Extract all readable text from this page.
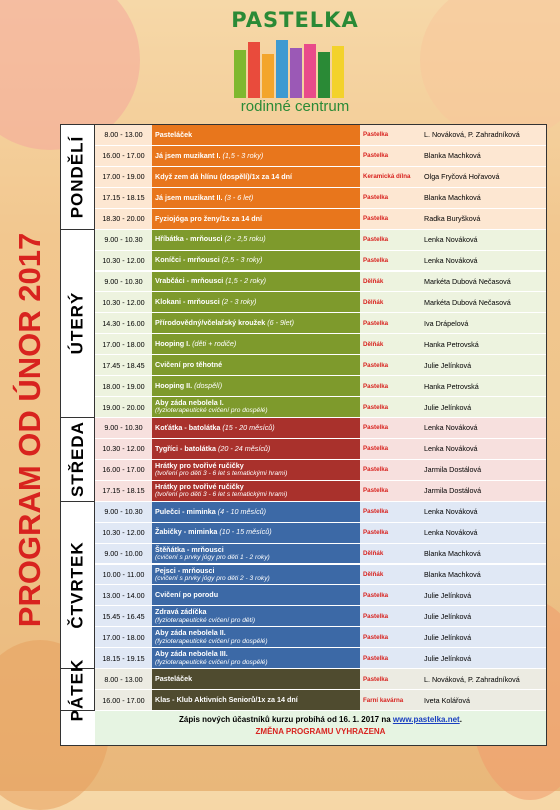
PASTELKA
rodinné centrum
PROGRAM OD ÚNOR 2017
PONDĚLÍ
8.00 - 13.00	Pasteláček	Pastelka	L. Nováková, P. Zahradníková
16.00 - 17.00	Já jsem muzikant I. (1,5 - 3 roky)	Pastelka	Blanka Machková
17.00 - 19.00	Když zem dá hlínu (dospělí)/1x za 14 dní	Keramická dílna	Olga Fryčová Hořavová
17.15 - 18.15	Já jsem muzikant II. (3 - 6 let)	Pastelka	Blanka Machková
18.30 - 20.00	Fyziojóga pro ženy/1x za 14 dní	Pastelka	Radka Buryšková
ÚTERÝ
9.00 - 10.30	Hříbátka - mrňousci (2 - 2,5 roku)	Pastelka	Lenka Nováková
10.30 - 12.00	Koníčci - mrňousci (2,5 - 3 roky)	Pastelka	Lenka Nováková
9.00 - 10.30	Vrabčáci - mrňousci (1,5 - 2 roky)	Dělňák	Markéta Dubová Nečasová
10.30 - 12.00	Klokani - mrňousci (2 - 3 roky)	Dělňák	Markéta Dubová Nečasová
14.30 - 16.00	Přírodovědný/včelařský kroužek (6 - 9let)	Pastelka	Iva Drápelová
17.00 - 18.00	Hooping I. (děti + rodiče)	Dělňák	Hanka Petrovská
17.45 - 18.45	Cvičení pro těhotné	Pastelka	Julie Jelínková
18.00 - 19.00	Hooping II. (dospělí)	Pastelka	Hanka Petrovská
19.00 - 20.00	Aby záda nebolela I.
(fyzioterapeutické cvičení pro dospělé)
Pastelka	Julie Jelínková
STŘEDA	9.00 - 10.30	Koťátka - batolátka (15 - 20 měsíců)	Pastelka	Lenka Nováková
10.30 - 12.00	Tygříci - batolátka (20 - 24 měsíců)	Pastelka	Lenka Nováková
16.00 - 17.00	Hrátky pro tvořivé ručičky
(tvoření pro děti 3 - 6 let s tematickými hrami)
Pastelka	Jarmila Dostálová
17.15 - 18.15	Hrátky pro tvořivé ručičky
(tvoření pro děti 3 - 6 let s tematickými hrami)
Pastelka	Jarmila Dostálová
ČTVRTEK
9.00 - 10.30	Pulečci - miminka (4 - 10 měsíců)	Pastelka	Lenka Nováková
10.30 - 12.00	Žabičky - miminka (10 - 15 měsíců)	Pastelka	Lenka Nováková
9.00 - 10.00	Štěňátka - mrňousci
(cvičení s prvky jógy pro děti 1 - 2 roky)
Dělňák	Blanka Machková
10.00 - 11.00	Pejsci - mrňousci
(cvičení s prvky jógy pro děti 2 - 3 roky)
Dělňák	Blanka Machková
13.00 - 14.00	Cvičení po porodu	Pastelka	Julie Jelínková
15.45 - 16.45	Zdravá zádíčka
(fyzioterapeutické cvičení pro děti)
Pastelka	Julie Jelínková
17.00 - 18.00	Aby záda nebolela II.
(fyzioterapeutické cvičení pro dospělé)
Pastelka	Julie Jelínková
18.15 - 19.15	Aby záda nebolela III.
(fyzioterapeutické cvičení pro dospělé)
Pastelka	Julie Jelínková
PÁTEK	8.00 - 13.00	Pasteláček	Pastelka	L. Nováková, P. Zahradníková
16.00 - 17.00	Klas - Klub Aktivních Seniorů/1x za 14 dní	Farní kavárna	Iveta Kolářová
Zápis nových účastníků kurzu probíhá od 16. 1. 2017 na www.pastelka.net.
ZMĚNA PROGRAMU VYHRAZENA
